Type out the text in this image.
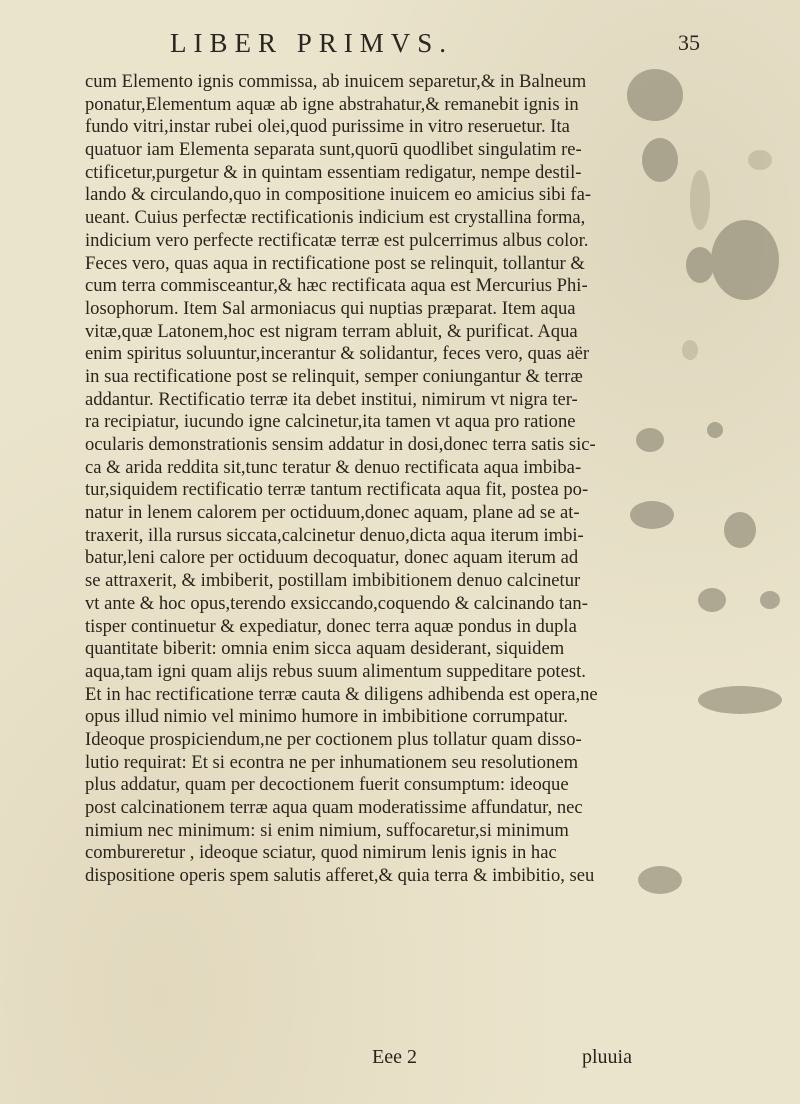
LIBER PRIMVS.	35
cum Elemento ignis commissa, ab inuicem separetur,& in Balneum
ponatur,Elementum aquæ ab igne abstrahatur,& remanebit ignis in
fundo vitri,instar rubei olei,quod purissime in vitro reseruetur. Ita
quatuor iam Elementa separata sunt,quorū quodlibet singulatim re-
ctificetur,purgetur & in quintam essentiam redigatur, nempe destil-
lando & circulando,quo in compositione inuicem eo amicius sibi fa-
ueant. Cuius perfectæ rectificationis indicium est crystallina forma,
indicium vero perfecte rectificatæ terræ est pulcerrimus albus color.
Feces vero, quas aqua in rectificatione post se relinquit, tollantur &
cum terra commisceantur,& hæc rectificata aqua est Mercurius Phi-
losophorum. Item Sal armoniacus qui nuptias præparat. Item aqua
vitæ,quæ Latonem,hoc est nigram terram abluit, & purificat. Aqua
enim spiritus soluuntur,incerantur & solidantur, feces vero, quas aër
in sua rectificatione post se relinquit, semper coniungantur & terræ
addantur. Rectificatio terræ ita debet institui, nimirum vt nigra ter-
ra recipiatur, iucundo igne calcinetur,ita tamen vt aqua pro ratione
ocularis demonstrationis sensim addatur in dosi,donec terra satis sic-
ca & arida reddita sit,tunc teratur & denuo rectificata aqua imbiba-
tur,siquidem rectificatio terræ tantum rectificata aqua fit, postea po-
natur in lenem calorem per octiduum,donec aquam, plane ad se at-
traxerit, illa rursus siccata,calcinetur denuo,dicta aqua iterum imbi-
batur,leni calore per octiduum decoquatur, donec aquam iterum ad
se attraxerit, & imbiberit, postillam imbibitionem denuo calcinetur
vt ante & hoc opus,terendo exsiccando,coquendo & calcinando tan-
tisper continuetur & expediatur, donec terra aquæ pondus in dupla
quantitate biberit: omnia enim sicca aquam desiderant, siquidem
aqua,tam igni quam alijs rebus suum alimentum suppeditare potest.
Et in hac rectificatione terræ cauta & diligens adhibenda est opera,ne
opus illud nimio vel minimo humore in imbibitione corrumpatur.
Ideoque prospiciendum,ne per coctionem plus tollatur quam disso-
lutio requirat: Et si econtra ne per inhumationem seu resolutionem
plus addatur, quam per decoctionem fuerit consumptum: ideoque
post calcinationem terræ aqua quam moderatissime affundatur, nec
nimium nec minimum: si enim nimium, suffocaretur,si minimum
combureretur , ideoque sciatur, quod nimirum lenis ignis in hac
dispositione operis spem salutis afferet,& quia terra & imbibitio, seu
Eee 2	pluuia
